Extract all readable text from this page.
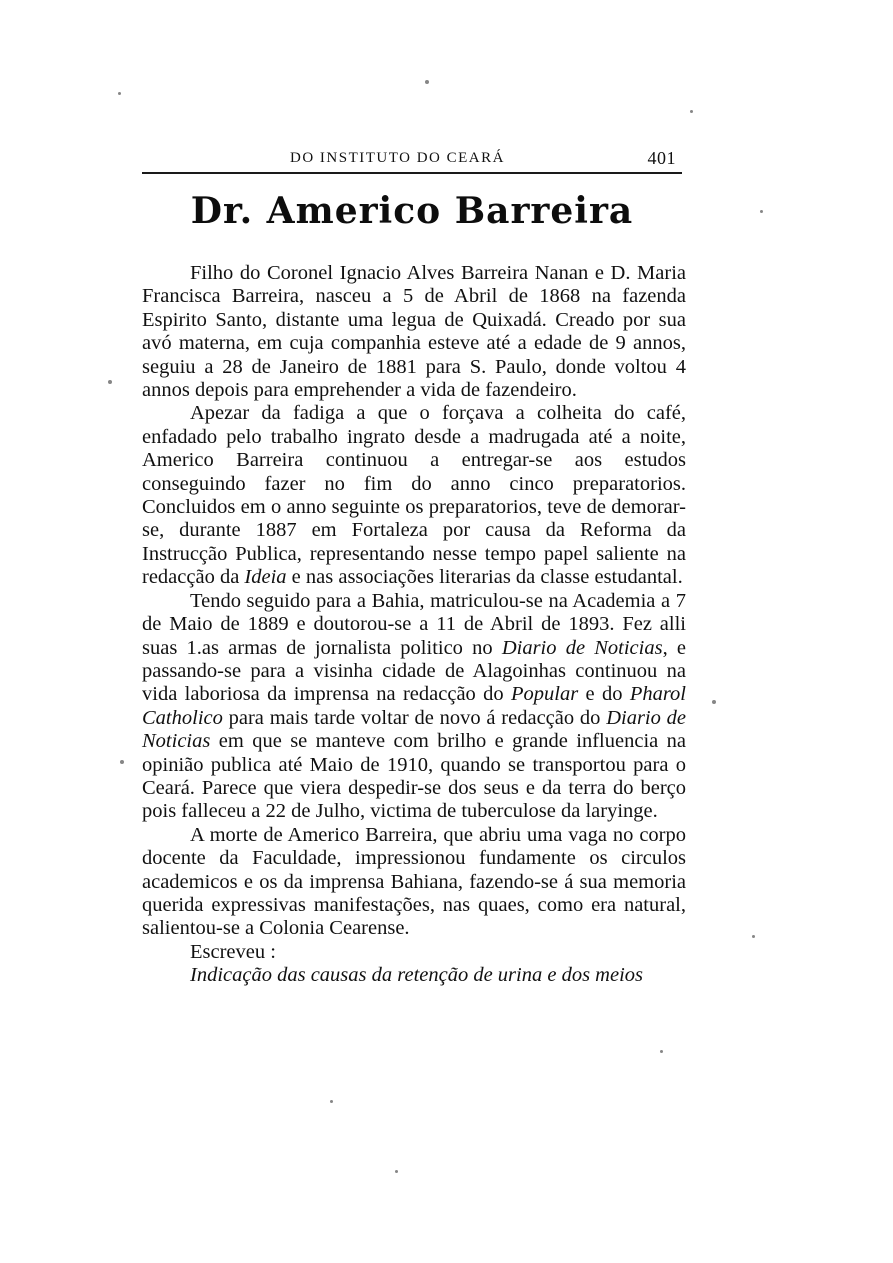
DO INSTITUTO DO CEARÁ	401
Dr. Americo Barreira

Filho do Coronel Ignacio Alves Barreira Nanan e D. Maria Francisca Barreira, nasceu a 5 de Abril de 1868 na fazenda Espirito Santo, distante uma legua de Quixadá. Creado por sua avó materna, em cuja companhia esteve até a edade de 9 annos, seguiu a 28 de Janeiro de 1881 para S. Paulo, donde voltou 4 annos depois para emprehender a vida de fazendeiro.

Apezar da fadiga a que o forçava a colheita do café, enfadado pelo trabalho ingrato desde a madrugada até a noite, Americo Barreira continuou a entregar-se aos estudos conseguindo fazer no fim do anno cinco preparatorios. Concluidos em o anno seguinte os preparatorios, teve de demorar-se, durante 1887 em Fortaleza por causa da Reforma da Instrucção Publica, representando nesse tempo papel saliente na redacção da Ideia e nas associações literarias da classe estudantal.

Tendo seguido para a Bahia, matriculou-se na Academia a 7 de Maio de 1889 e doutorou-se a 11 de Abril de 1893. Fez alli suas 1.as armas de jornalista politico no Diario de Noticias, e passando-se para a visinha cidade de Alagoinhas continuou na vida laboriosa da imprensa na redacção do Popular e do Pharol Catholico para mais tarde voltar de novo á redacção do Diario de Noticias em que se manteve com brilho e grande influencia na opinião publica até Maio de 1910, quando se transportou para o Ceará. Parece que viera despedir-se dos seus e da terra do berço pois falleceu a 22 de Julho, victima de tuberculose da laryinge.

A morte de Americo Barreira, que abriu uma vaga no corpo docente da Faculdade, impressionou fundamente os circulos academicos e os da imprensa Bahiana, fazendo-se á sua memoria querida expressivas manifestações, nas quaes, como era natural, salientou-se a Colonia Cearense.

Escreveu :

Indicação das causas da retenção de urina e dos meios
